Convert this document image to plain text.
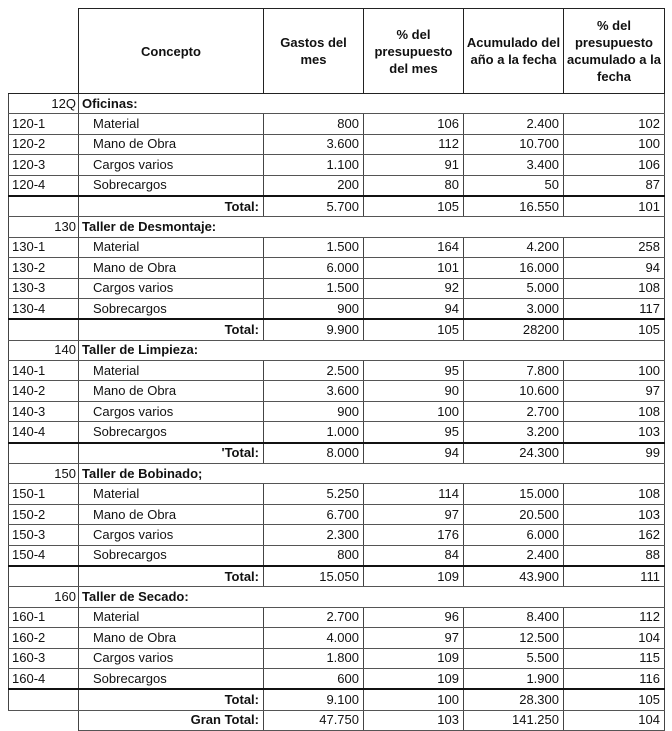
	Concepto	Gastos del mes	% del presupuesto del mes	Acumulado del año a la fecha	% del presupuesto acumulado a la fecha
12Q	Oficinas:				
120-1	Material	800	106	2.400	102
120-2	Mano de Obra	3.600	112	10.700	100
120-3	Cargos varios	1.100	91	3.400	106
120-4	Sobrecargos	200	80	50	87
	Total:	5.700	105	16.550	101
130	Taller de Desmontaje:				
130-1	Material	1.500	164	4.200	258
130-2	Mano de Obra	6.000	101	16.000	94
130-3	Cargos varios	1.500	92	5.000	108
130-4	Sobrecargos	900	94	3.000	117
	Total:	9.900	105	28200	105
140	Taller de Limpieza:				
140-1	Material	2.500	95	7.800	100
140-2	Mano de Obra	3.600	90	10.600	97
140-3	Cargos varios	900	100	2.700	108
140-4	Sobrecargos	1.000	95	3.200	103
	'Total:	8.000	94	24.300	99
150	Taller de Bobinado;				
150-1	Material	5.250	114	15.000	108
150-2	Mano de Obra	6.700	97	20.500	103
150-3	Cargos varios	2.300	176	6.000	162
150-4	Sobrecargos	800	84	2.400	88
	Total:	15.050	109	43.900	111
160	Taller de Secado:				
160-1	Material	2.700	96	8.400	112
160-2	Mano de Obra	4.000	97	12.500	104
160-3	Cargos varios	1.800	109	5.500	115
160-4	Sobrecargos	600	109	1.900	116
	Total:	9.100	100	28.300	105
	Gran Total:	47.750	103	141.250	104
